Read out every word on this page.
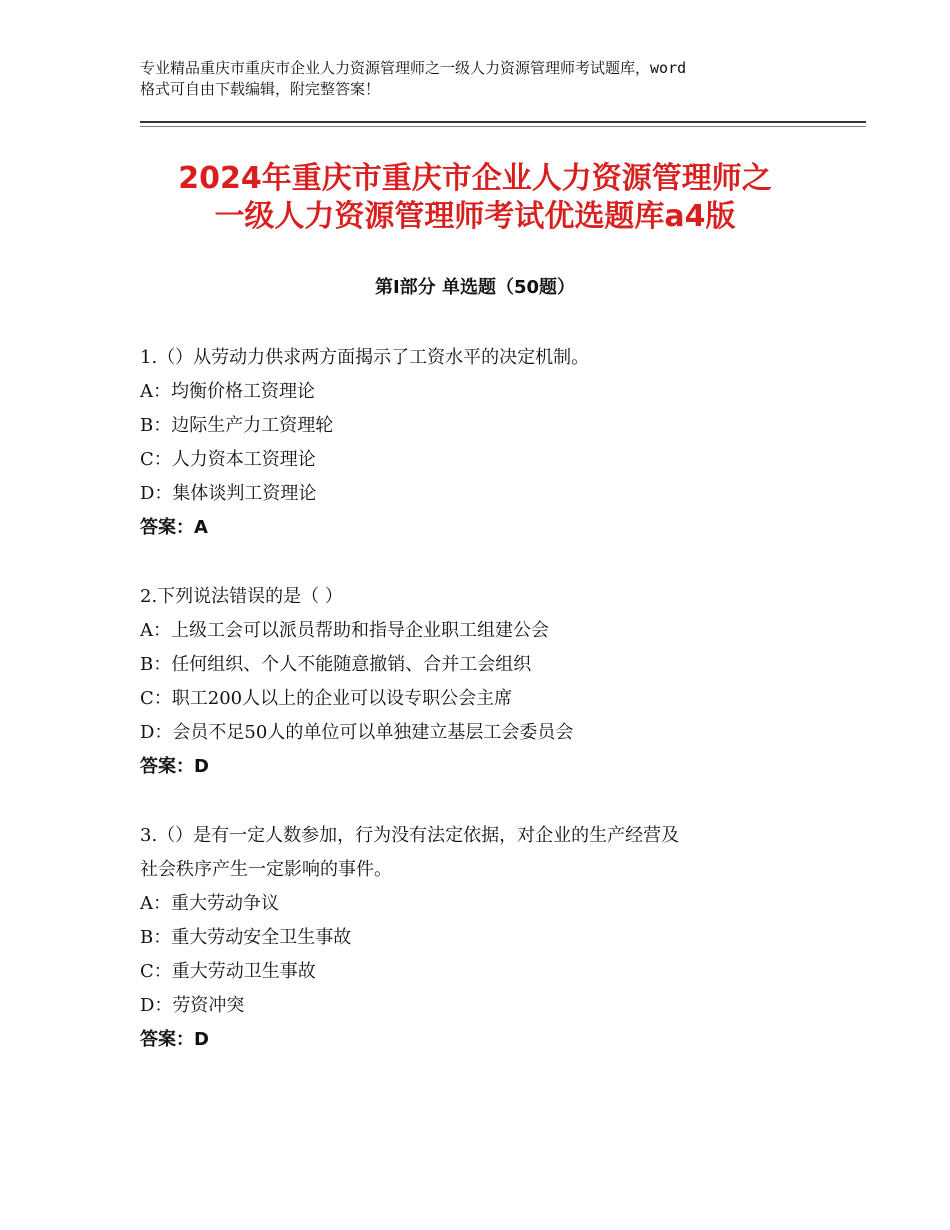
专业精品重庆市重庆市企业人力资源管理师之一级人力资源管理师考试题库，word
格式可自由下载编辑，附完整答案！
2024年重庆市重庆市企业人力资源管理师之
一级人力资源管理师考试优选题库a4版
第Ⅰ部分 单选题（50题）
1.（）从劳动力供求两方面揭示了工资水平的决定机制。
A：均衡价格工资理论
B：边际生产力工资理轮
C：人力资本工资理论
D：集体谈判工资理论
答案：A
2.下列说法错误的是（ ）
A：上级工会可以派员帮助和指导企业职工组建公会
B：任何组织、个人不能随意撤销、合并工会组织
C：职工200人以上的企业可以设专职公会主席
D：会员不足50人的单位可以单独建立基层工会委员会
答案：D
3.（）是有一定人数参加，行为没有法定依据，对企业的生产经营及
社会秩序产生一定影响的事件。
A：重大劳动争议
B：重大劳动安全卫生事故
C：重大劳动卫生事故
D：劳资冲突
答案：D
